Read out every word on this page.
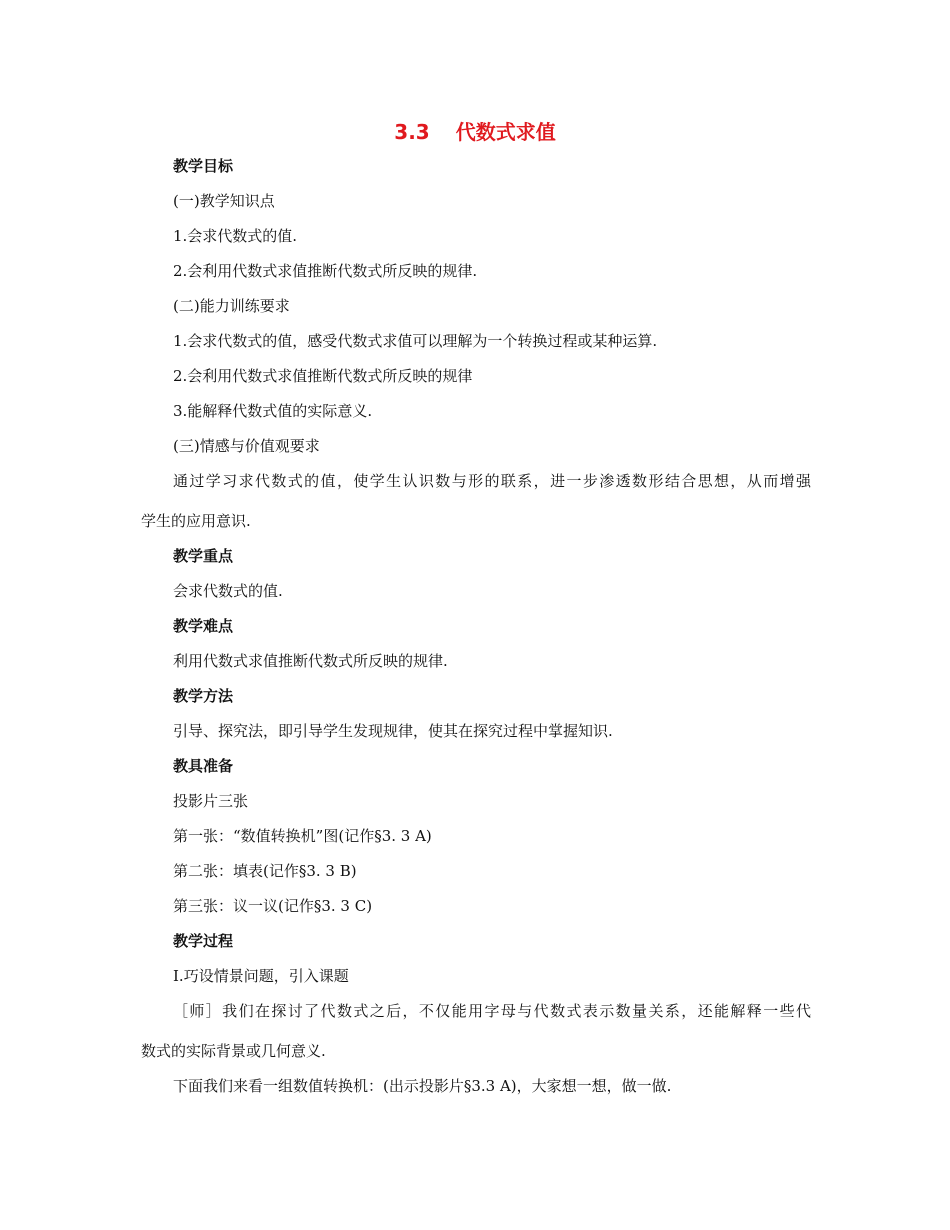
3.3 代数式求值
教学目标
(一)教学知识点
1.会求代数式的值.
2.会利用代数式求值推断代数式所反映的规律.
(二)能力训练要求
1.会求代数式的值，感受代数式求值可以理解为一个转换过程或某种运算.
2.会利用代数式求值推断代数式所反映的规律
3.能解释代数式值的实际意义.
(三)情感与价值观要求
通过学习求代数式的值，使学生认识数与形的联系，进一步渗透数形结合思想，从而增强
学生的应用意识.
教学重点
会求代数式的值.
教学难点
利用代数式求值推断代数式所反映的规律.
教学方法
引导、探究法，即引导学生发现规律，使其在探究过程中掌握知识.
教具准备
投影片三张
第一张：“数值转换机”图(记作§3. 3 A)
第二张：填表(记作§3. 3 B)
第三张：议一议(记作§3. 3 C)
教学过程
Ⅰ.巧设情景问题，引入课题
［师］我们在探讨了代数式之后，不仅能用字母与代数式表示数量关系，还能解释一些代
数式的实际背景或几何意义.
下面我们来看一组数值转换机：(出示投影片§3.3 A)，大家想一想，做一做.
